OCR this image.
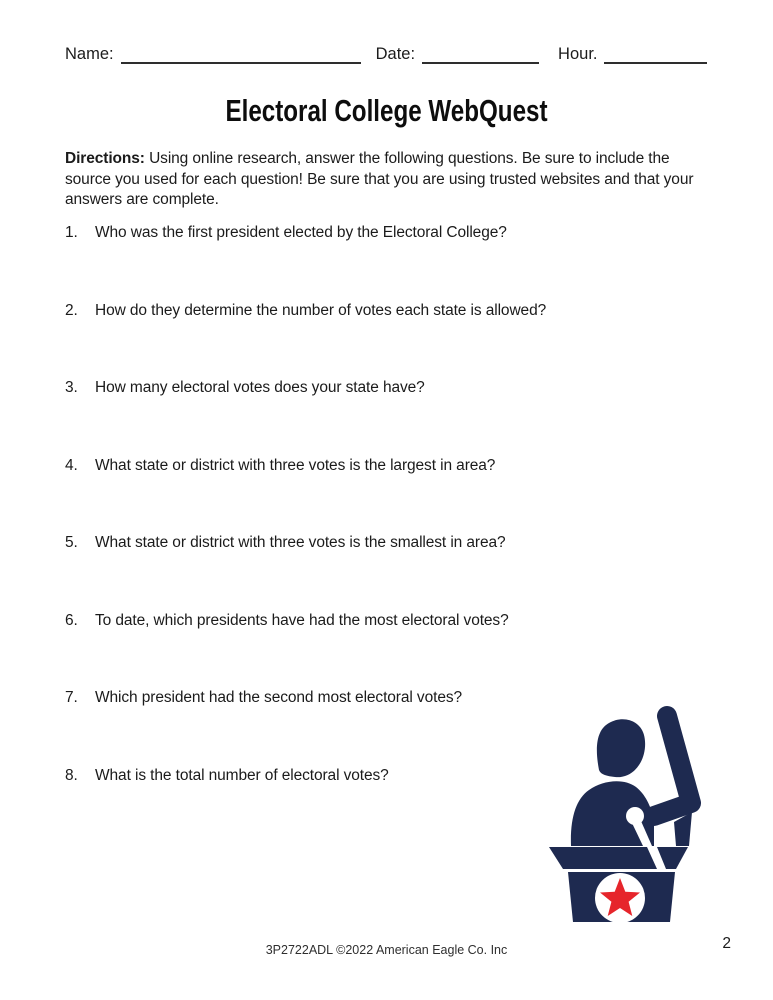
Name:	Date:	Hour.
Electoral College WebQuest

Directions: Using online research, answer the following questions. Be sure to include the
source you used for each question! Be sure that you are using trusted websites and that your
answers are complete.

1.	Who was the first president elected by the Electoral College?
2.	How do they determine the number of votes each state is allowed?
3.	How many electoral votes does your state have?
4.	What state or district with three votes is the largest in area?
5.	What state or district with three votes is the smallest in area?
6.	To date, which presidents have had the most electoral votes?
7.	Which president had the second most electoral votes?
8.	What is the total number of electoral votes?
3P2722ADL ©2022 American Eagle Co. Inc	2
